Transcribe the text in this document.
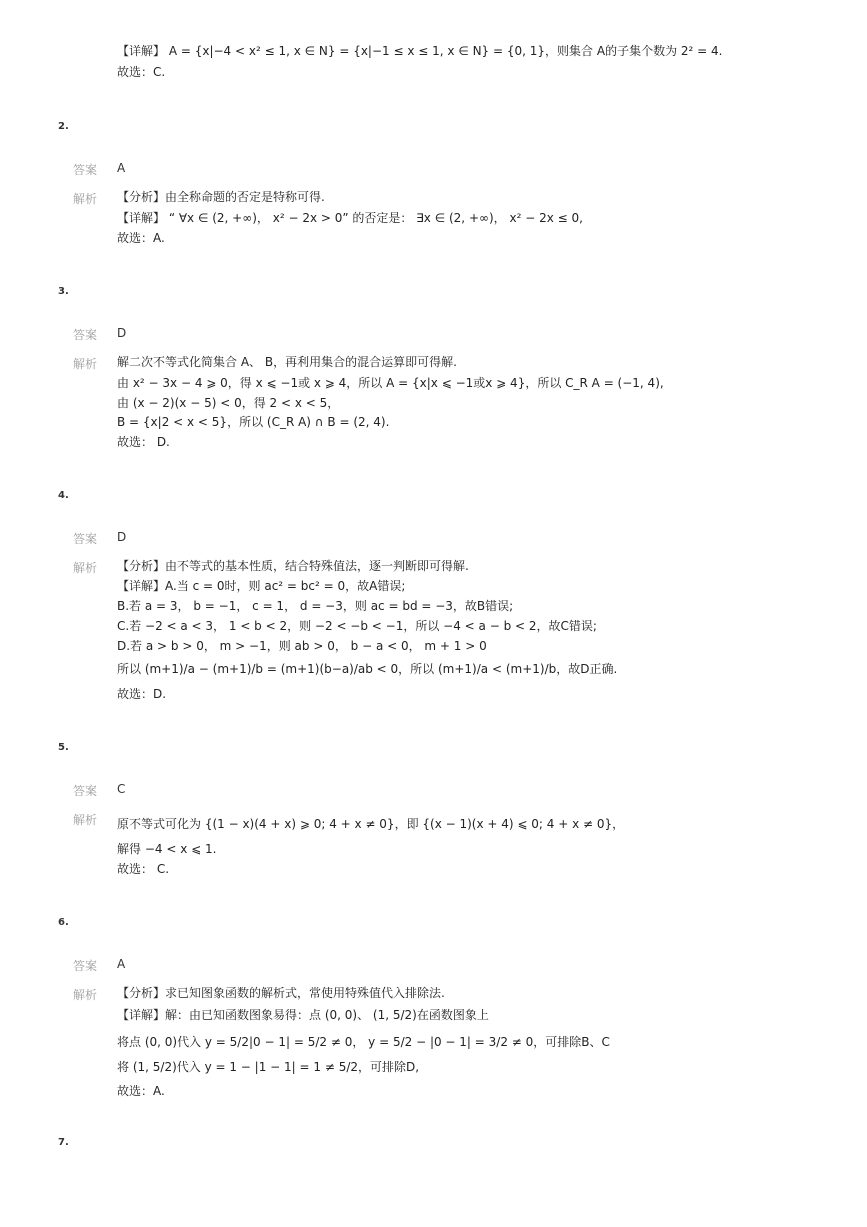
【详解】 A = {x|−4 < x² ≤ 1, x ∈ N} = {x|−1 ≤ x ≤ 1, x ∈ N} = {0, 1}，则集合 A的子集个数为 2² = 4.
故选：C.
2.
答案 A
解析 【分析】由全称命题的否定是特称可得.
【详解】 “ ∀x ∈ (2, +∞)， x² − 2x > 0” 的否定是： ∃x ∈ (2, +∞)， x² − 2x ≤ 0,
故选：A.
3.
答案 D
解析 解二次不等式化简集合 A、 B，再利用集合的混合运算即可得解.
由 x² − 3x − 4 ⩾ 0，得 x ⩽ −1或 x ⩾ 4，所以 A = {x|x ⩽ −1或x ⩾ 4}，所以 C_R A = (−1, 4),
由 (x − 2)(x − 5) < 0，得 2 < x < 5，
B = {x|2 < x < 5}，所以 (C_R A) ∩ B = (2, 4).
故选： D.
4.
答案 D
解析 【分析】由不等式的基本性质，结合特殊值法，逐一判断即可得解.
【详解】A.当 c = 0时，则 ac² = bc² = 0，故A错误;
B.若 a = 3， b = −1， c = 1， d = −3，则 ac = bd = −3，故B错误;
C.若 −2 < a < 3， 1 < b < 2，则 −2 < −b < −1，所以 −4 < a − b < 2，故C错误;
D.若 a > b > 0， m > −1，则 ab > 0， b − a < 0， m + 1 > 0
所以 (m+1)/a − (m+1)/b = (m+1)(b−a)/ab < 0，所以 (m+1)/a < (m+1)/b，故D正确.
故选：D.
5.
答案 C
解析 原不等式可化为 {(1 − x)(4 + x) ⩾ 0; 4 + x ≠ 0}，即 {(x − 1)(x + 4) ⩽ 0; 4 + x ≠ 0}，
解得 −4 < x ⩽ 1.
故选： C.
6.
答案 A
解析 【分析】求已知图象函数的解析式，常使用特殊值代入排除法.
【详解】解：由已知函数图象易得：点 (0, 0)、 (1, 5/2)在函数图象上
将点 (0, 0)代入 y = 5/2|0 − 1| = 5/2 ≠ 0， y = 5/2 − |0 − 1| = 3/2 ≠ 0，可排除B、C
将 (1, 5/2)代入 y = 1 − |1 − 1| = 1 ≠ 5/2，可排除D,
故选：A.
7.
